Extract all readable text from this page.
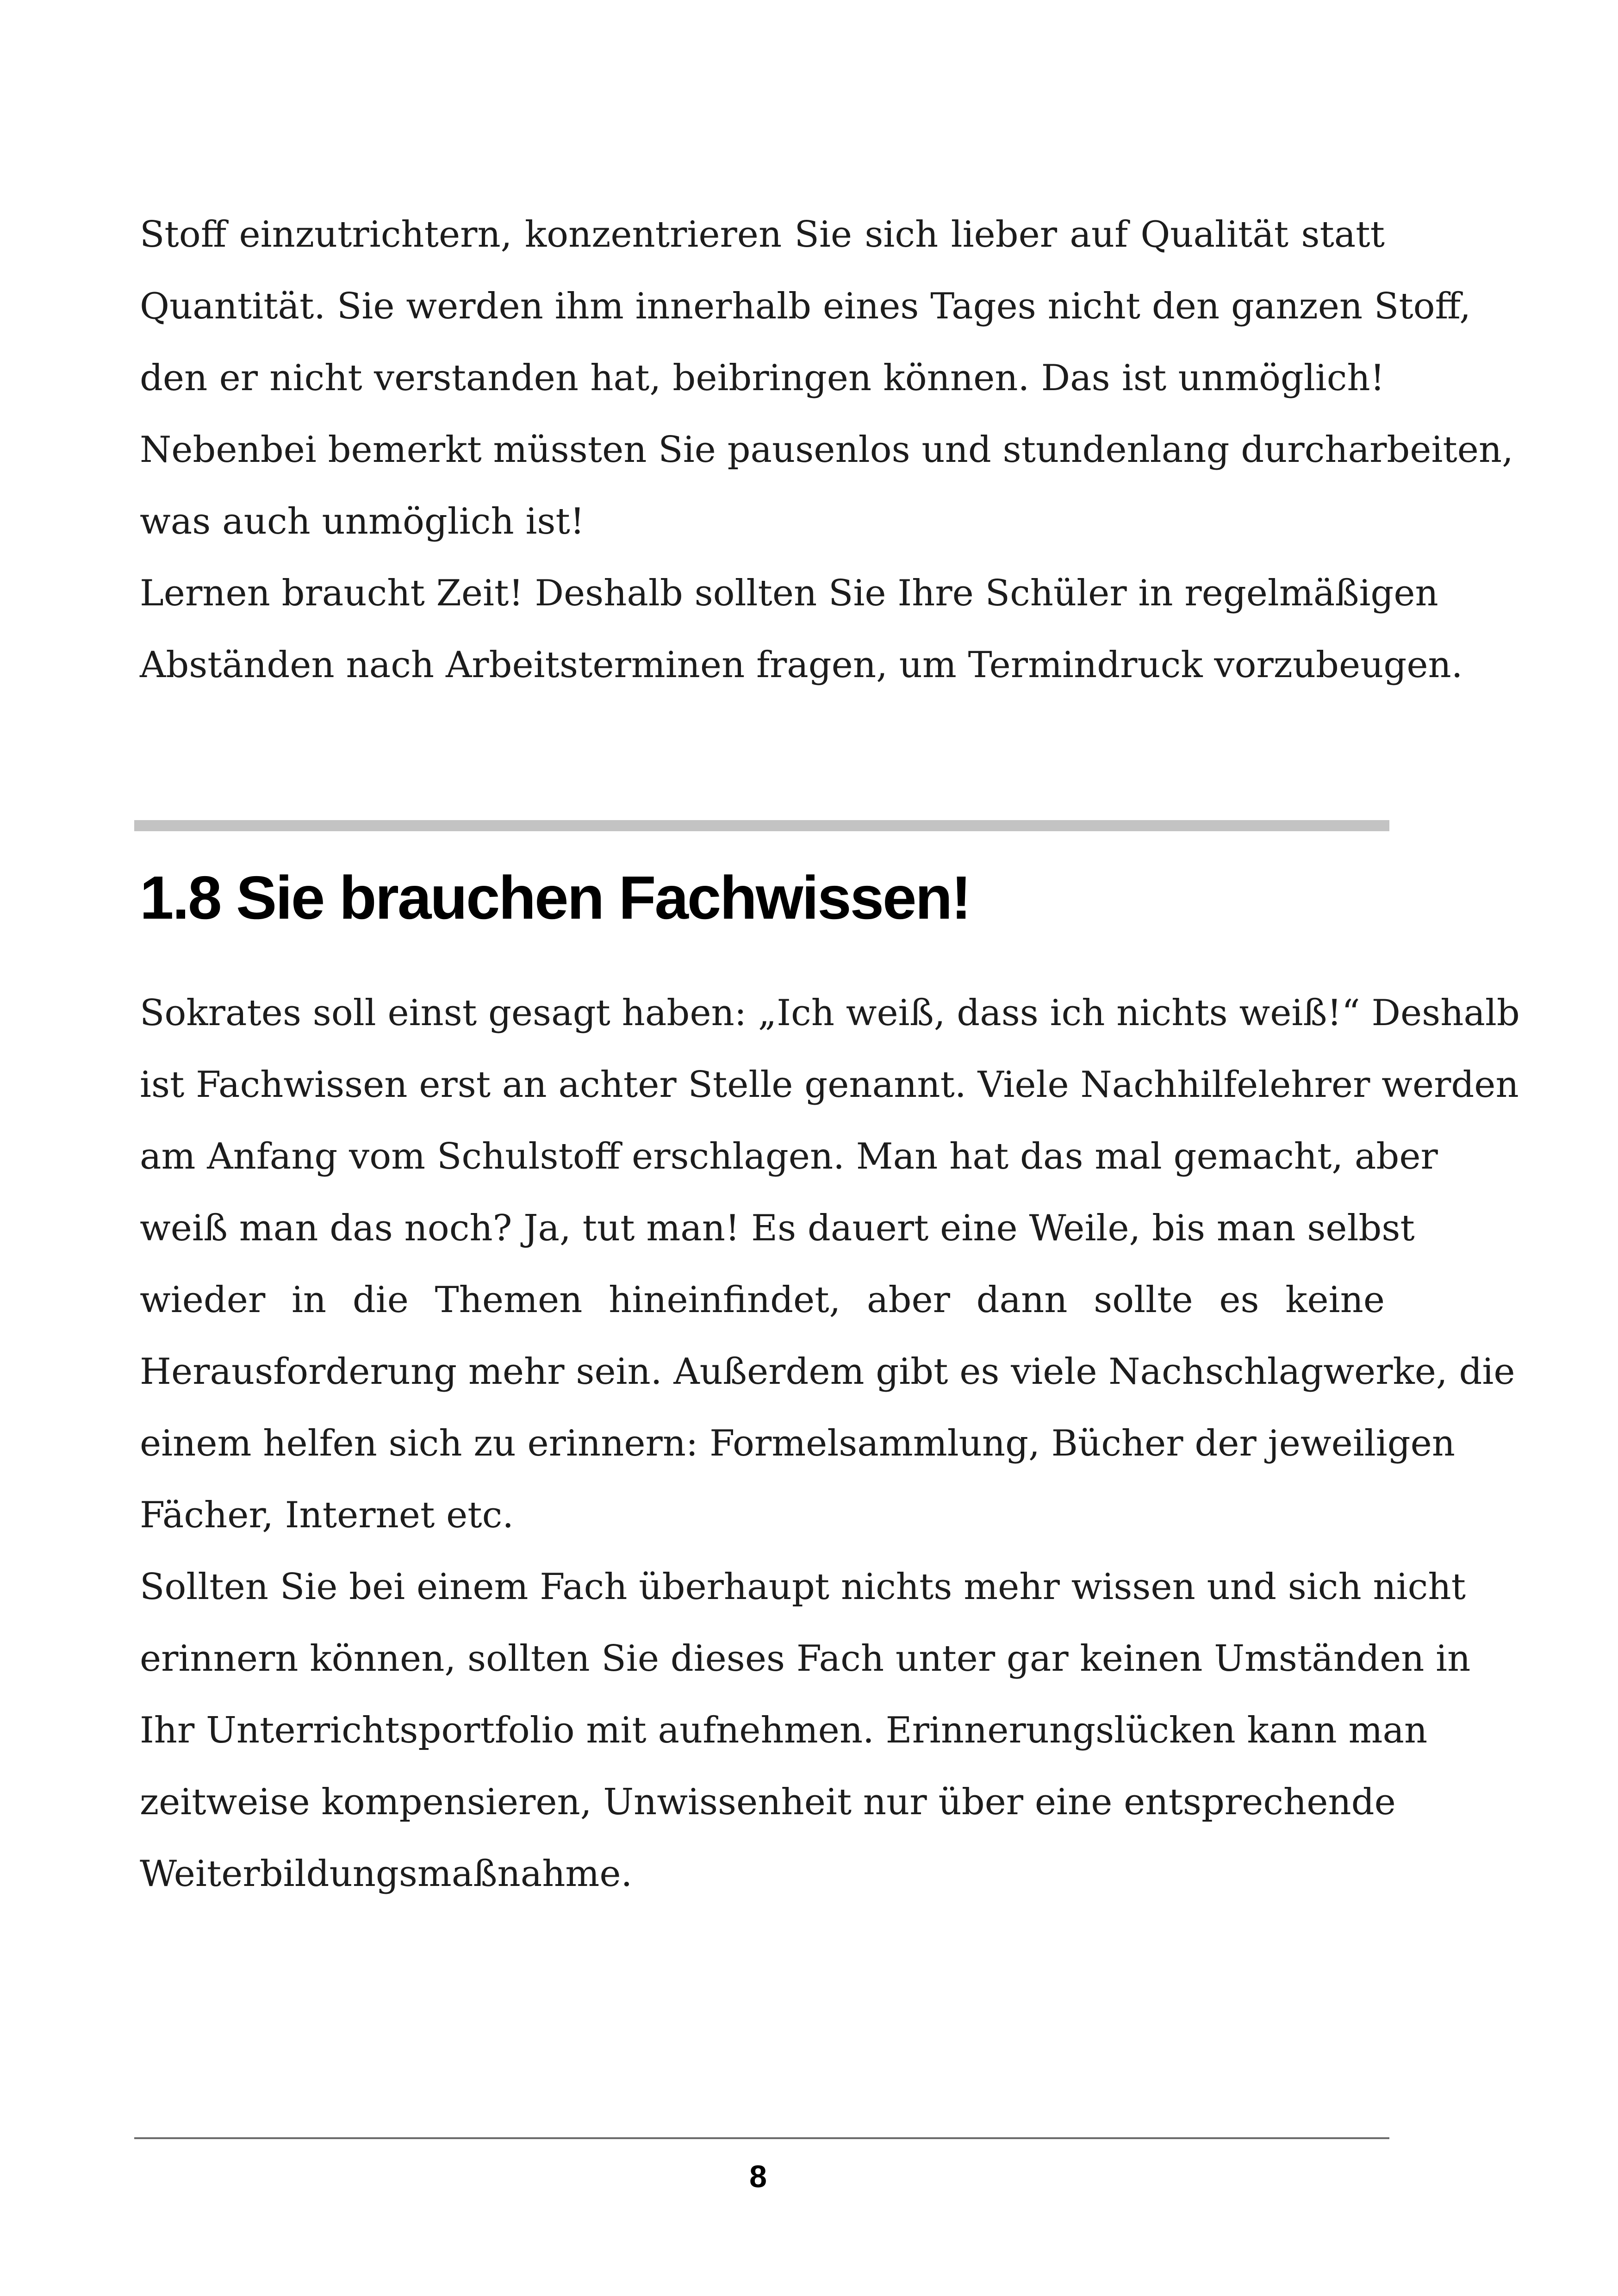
Stoff einzutrichtern, konzentrieren Sie sich lieber auf Qualität statt
Quantität. Sie werden ihm innerhalb eines Tages nicht den ganzen Stoff,
den er nicht verstanden hat, beibringen können. Das ist unmöglich!
Nebenbei bemerkt müssten Sie pausenlos und stundenlang durcharbeiten,
was auch unmöglich ist!
Lernen braucht Zeit! Deshalb sollten Sie Ihre Schüler in regelmäßigen
Abständen nach Arbeitsterminen fragen, um Termindruck vorzubeugen.
1.8 Sie brauchen Fachwissen!
Sokrates soll einst gesagt haben: „Ich weiß, dass ich nichts weiß!“ Deshalb
ist Fachwissen erst an achter Stelle genannt. Viele Nachhilfelehrer werden
am Anfang vom Schulstoff erschlagen. Man hat das mal gemacht, aber
weiß man das noch? Ja, tut man! Es dauert eine Weile, bis man selbst
wieder in die Themen hineinfindet, aber dann sollte es keine
Herausforderung mehr sein. Außerdem gibt es viele Nachschlagwerke, die
einem helfen sich zu erinnern: Formelsammlung, Bücher der jeweiligen
Fächer, Internet etc.
Sollten Sie bei einem Fach überhaupt nichts mehr wissen und sich nicht
erinnern können, sollten Sie dieses Fach unter gar keinen Umständen in
Ihr Unterrichtsportfolio mit aufnehmen. Erinnerungslücken kann man
zeitweise kompensieren, Unwissenheit nur über eine entsprechende
Weiterbildungsmaßnahme.
8
